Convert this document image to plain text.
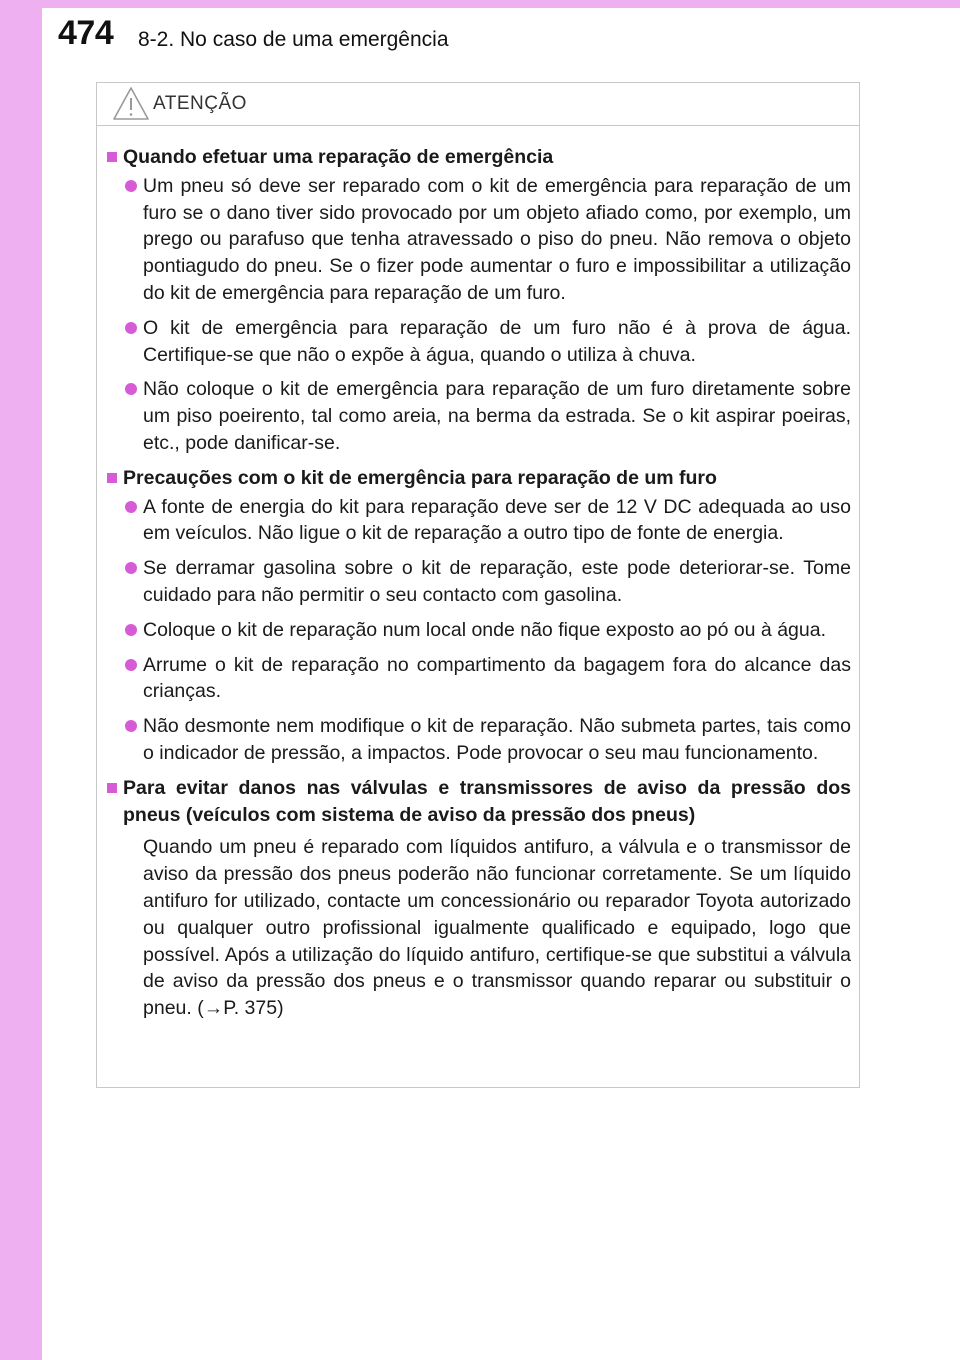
474 8-2. No caso de uma emergência
ATENÇÃO
Quando efetuar uma reparação de emergência
Um pneu só deve ser reparado com o kit de emergência para reparação de um furo se o dano tiver sido provocado por um objeto afiado como, por exemplo, um prego ou parafuso que tenha atravessado o piso do pneu. Não remova o objeto pontiagudo do pneu. Se o fizer pode aumentar o furo e impossibilitar a utilização do kit de emergência para reparação de um furo.
O kit de emergência para reparação de um furo não é à prova de água. Certifique-se que não o expõe à água, quando o utiliza à chuva.
Não coloque o kit de emergência para reparação de um furo diretamente sobre um piso poeirento, tal como areia, na berma da estrada. Se o kit aspirar poeiras, etc., pode danificar-se.
Precauções com o kit de emergência para reparação de um furo
A fonte de energia do kit para reparação deve ser de 12 V DC adequada ao uso em veículos. Não ligue o kit de reparação a outro tipo de fonte de energia.
Se derramar gasolina sobre o kit de reparação, este pode deteriorar-se. Tome cuidado para não permitir o seu contacto com gasolina.
Coloque o kit de reparação num local onde não fique exposto ao pó ou à água.
Arrume o kit de reparação no compartimento da bagagem fora do alcance das crianças.
Não desmonte nem modifique o kit de reparação. Não submeta partes, tais como o indicador de pressão, a impactos. Pode provocar o seu mau funcionamento.
Para evitar danos nas válvulas e transmissores de aviso da pressão dos pneus (veículos com sistema de aviso da pressão dos pneus)
Quando um pneu é reparado com líquidos antifuro, a válvula e o transmissor de aviso da pressão dos pneus poderão não funcionar corretamente. Se um líquido antifuro for utilizado, contacte um concessionário ou reparador Toyota autorizado ou qualquer outro profissional igualmente qualificado e equipado, logo que possível. Após a utilização do líquido antifuro, certifique-se que substitui a válvula de aviso da pressão dos pneus e o transmissor quando reparar ou substituir o pneu. (→P. 375)
